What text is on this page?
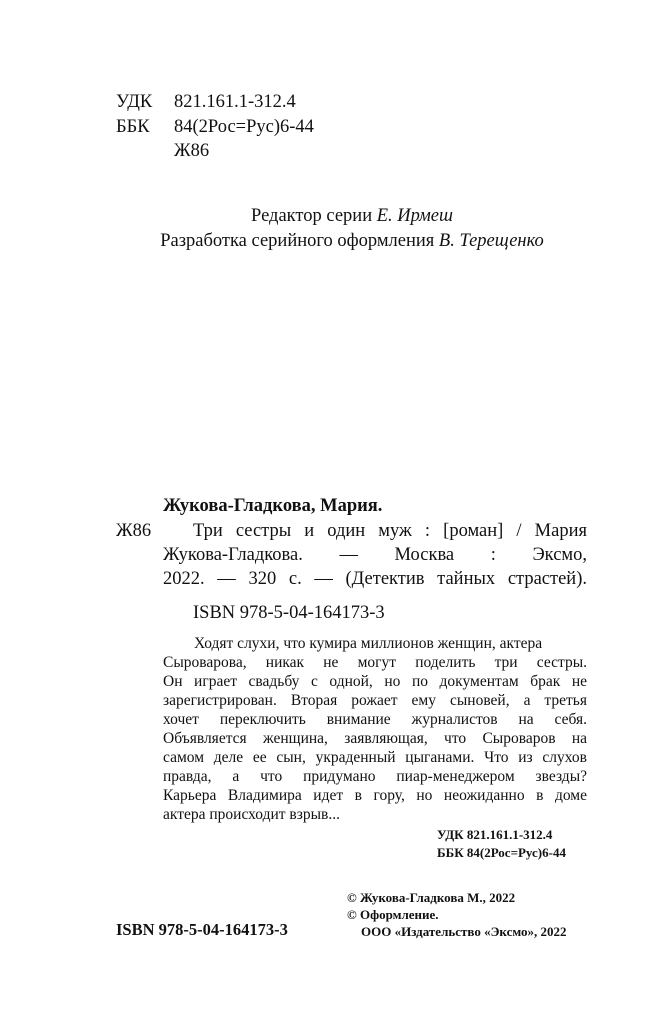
УДК 821.161.1-312.4
ББК 84(2Рос=Рус)6-44
Ж86
Редактор серии Е. Ирмеш
Разработка серийного оформления В. Терещенко
Жукова-Гладкова, Мария.
Ж86 Три сестры и один муж : [роман] / Мария
Жукова-Гладкова. — Москва : Эксмо,
2022. — 320 с. — (Детектив тайных страстей).
ISBN 978-5-04-164173-3
Ходят слухи, что кумира миллионов женщин, актера
Сыроварова, никак не могут поделить три сестры.
Он играет свадьбу с одной, но по документам брак не
зарегистрирован. Вторая рожает ему сыновей, а третья
хочет переключить внимание журналистов на себя.
Объявляется женщина, заявляющая, что Сыроваров на
самом деле ее сын, украденный цыганами. Что из слухов
правда, а что придумано пиар-менеджером звезды?
Карьера Владимира идет в гору, но неожиданно в доме
актера происходит взрыв...
УДК 821.161.1-312.4
ББК 84(2Рос=Рус)6-44
© Жукова-Гладкова М., 2022
© Оформление.
ISBN 978-5-04-164173-3	ООО «Издательство «Эксмо», 2022
